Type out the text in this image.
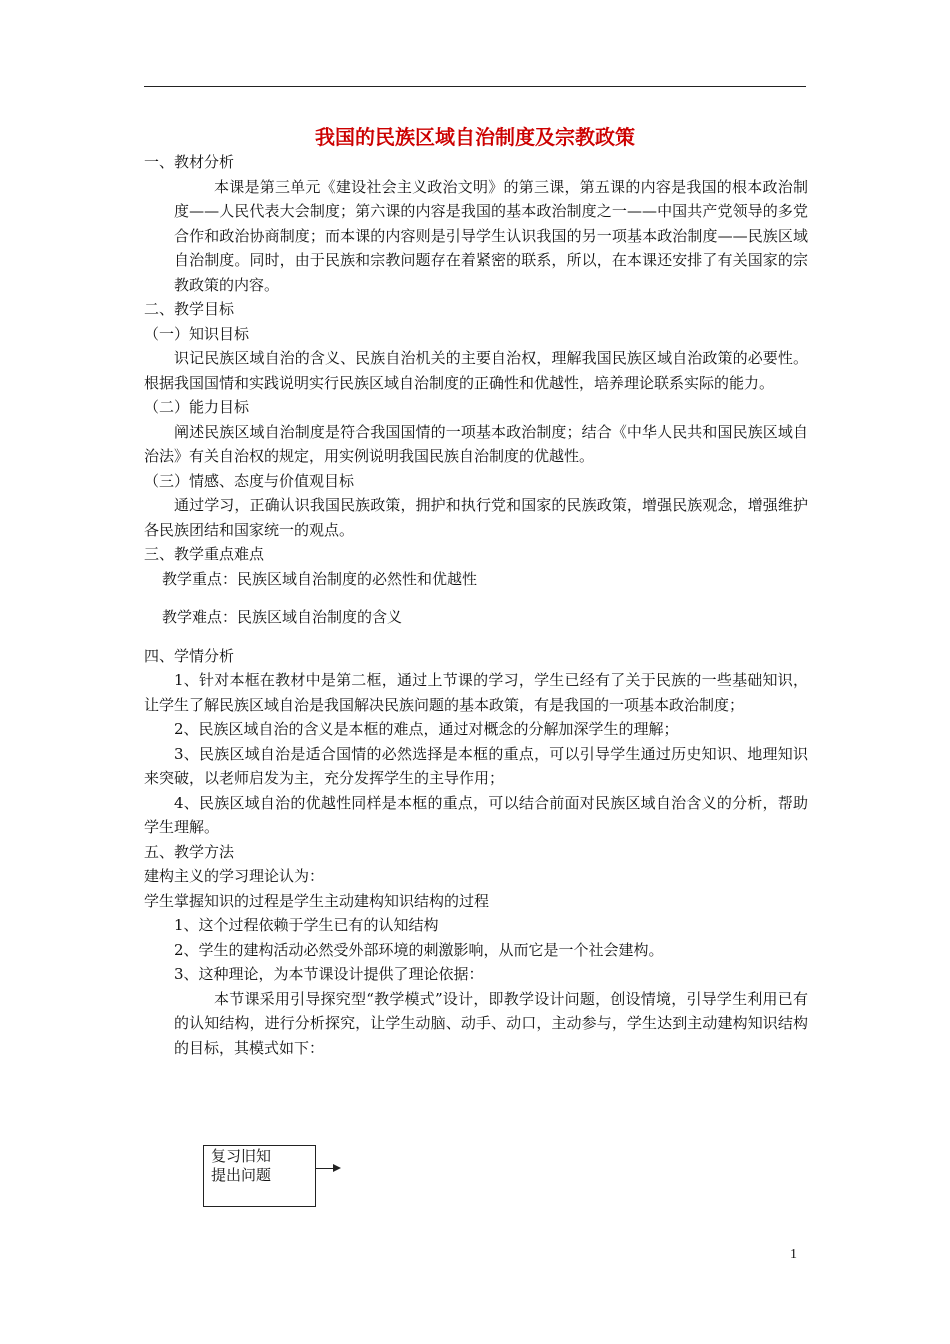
我国的民族区域自治制度及宗教政策

一、教材分析

本课是第三单元《建设社会主义政治文明》的第三课，第五课的内容是我国的根本政治制度——人民代表大会制度；第六课的内容是我国的基本政治制度之一——中国共产党领导的多党合作和政治协商制度；而本课的内容则是引导学生认识我国的另一项基本政治制度——民族区域自治制度。同时，由于民族和宗教问题存在着紧密的联系，所以，在本课还安排了有关国家的宗教政策的内容。

二、教学目标

（一）知识目标

识记民族区域自治的含义、民族自治机关的主要自治权，理解我国民族区域自治政策的必要性。根据我国国情和实践说明实行民族区域自治制度的正确性和优越性，培养理论联系实际的能力。

（二）能力目标

阐述民族区域自治制度是符合我国国情的一项基本政治制度；结合《中华人民共和国民族区域自治法》有关自治权的规定，用实例说明我国民族自治制度的优越性。

（三）情感、态度与价值观目标

通过学习，正确认识我国民族政策，拥护和执行党和国家的民族政策，增强民族观念，增强维护各民族团结和国家统一的观点。

三、教学重点难点

教学重点：民族区域自治制度的必然性和优越性

教学难点：民族区域自治制度的含义

四、学情分析

1、针对本框在教材中是第二框，通过上节课的学习，学生已经有了关于民族的一些基础知识，让学生了解民族区域自治是我国解决民族问题的基本政策，有是我国的一项基本政治制度；

2、民族区域自治的含义是本框的难点，通过对概念的分解加深学生的理解；

3、民族区域自治是适合国情的必然选择是本框的重点，可以引导学生通过历史知识、地理知识来突破，以老师启发为主，充分发挥学生的主导作用；

4、民族区域自治的优越性同样是本框的重点，可以结合前面对民族区域自治含义的分析，帮助学生理解。

五、教学方法

建构主义的学习理论认为：

学生掌握知识的过程是学生主动建构知识结构的过程

1、这个过程依赖于学生已有的认知结构

2、学生的建构活动必然受外部环境的刺激影响，从而它是一个社会建构。

3、这种理论，为本节课设计提供了理论依据：

本节课采用引导探究型“教学模式”设计，即教学设计问题，创设情境，引导学生利用已有的认知结构，进行分析探究，让学生动脑、动手、动口，主动参与，学生达到主动建构知识结构的目标，其模式如下：

复习旧知
提出问题
1
